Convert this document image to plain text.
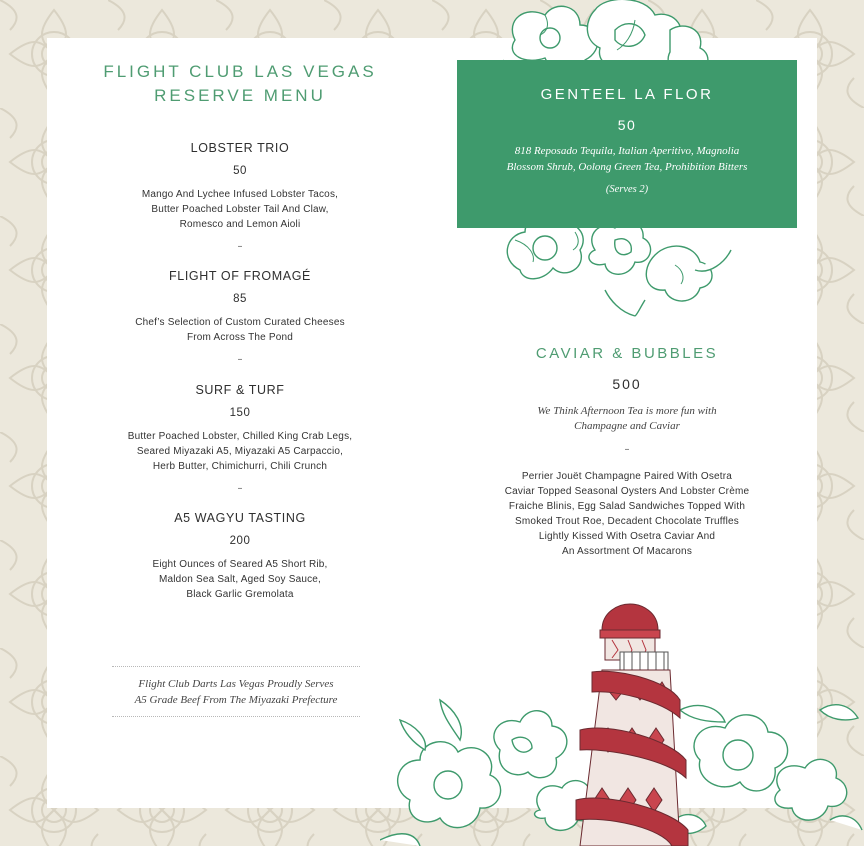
FLIGHT CLUB LAS VEGAS
RESERVE MENU
LOBSTER TRIO
50
Mango And Lychee Infused Lobster Tacos,
Butter Poached Lobster Tail And Claw,
Romesco and Lemon Aioli
–
FLIGHT OF FROMAGÉ
85
Chef’s Selection of Custom Curated Cheeses
From Across The Pond
–
SURF & TURF
150
Butter Poached Lobster, Chilled King Crab Legs,
Seared Miyazaki A5, Miyazaki A5 Carpaccio,
Herb Butter, Chimichurri, Chili Crunch
–
A5 WAGYU TASTING
200
Eight Ounces of Seared A5 Short Rib,
Maldon Sea Salt, Aged Soy Sauce,
Black Garlic Gremolata
Flight Club Darts Las Vegas Proudly Serves
A5 Grade Beef From The Miyazaki Prefecture
GENTEEL LA FLOR
50
818 Reposado Tequila, Italian Aperitivo, Magnolia
Blossom Shrub, Oolong Green Tea, Prohibition Bitters
(Serves 2)
CAVIAR & BUBBLES
500
We Think Afternoon Tea is more fun with
Champagne and Caviar
–
Perrier Jouët Champagne Paired With Osetra
Caviar Topped Seasonal Oysters And Lobster Crème
Fraiche Blinis, Egg Salad Sandwiches Topped With
Smoked Trout Roe, Decadent Chocolate Truffles
Lightly Kissed With Osetra Caviar And
An Assortment Of Macarons
